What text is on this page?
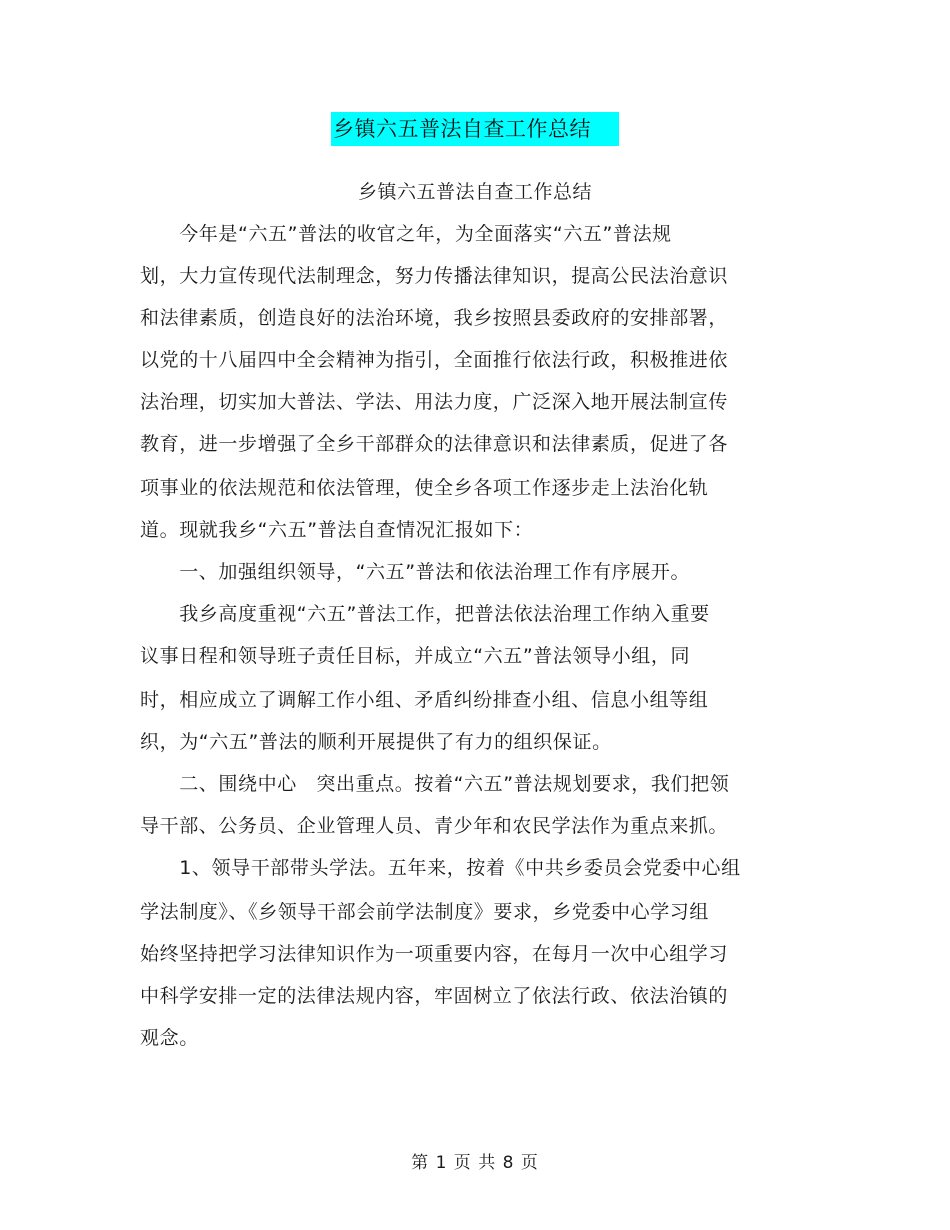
乡镇六五普法自查工作总结
乡镇六五普法自查工作总结
　　今年是“六五”普法的收官之年，为全面落实“六五”普法规
划，大力宣传现代法制理念，努力传播法律知识，提高公民法治意识
和法律素质，创造良好的法治环境，我乡按照县委政府的安排部署，
以党的十八届四中全会精神为指引，全面推行依法行政，积极推进依
法治理，切实加大普法、学法、用法力度，广泛深入地开展法制宣传
教育，进一步增强了全乡干部群众的法律意识和法律素质，促进了各
项事业的依法规范和依法管理，使全乡各项工作逐步走上法治化轨
道。现就我乡“六五”普法自查情况汇报如下：
　　一、加强组织领导，“六五”普法和依法治理工作有序展开。
　　我乡高度重视“六五”普法工作，把普法依法治理工作纳入重要
议事日程和领导班子责任目标，并成立“六五”普法领导小组，同
时，相应成立了调解工作小组、矛盾纠纷排查小组、信息小组等组
织，为“六五”普法的顺利开展提供了有力的组织保证。
　　二、围绕中心　突出重点。按着“六五”普法规划要求，我们把领
导干部、公务员、企业管理人员、青少年和农民学法作为重点来抓。
　　1、领导干部带头学法。五年来，按着《中共乡委员会党委中心组
学法制度》、《乡领导干部会前学法制度》要求，乡党委中心学习组
始终坚持把学习法律知识作为一项重要内容，在每月一次中心组学习
中科学安排一定的法律法规内容，牢固树立了依法行政、依法治镇的
观念。
第 1 页 共 8 页
